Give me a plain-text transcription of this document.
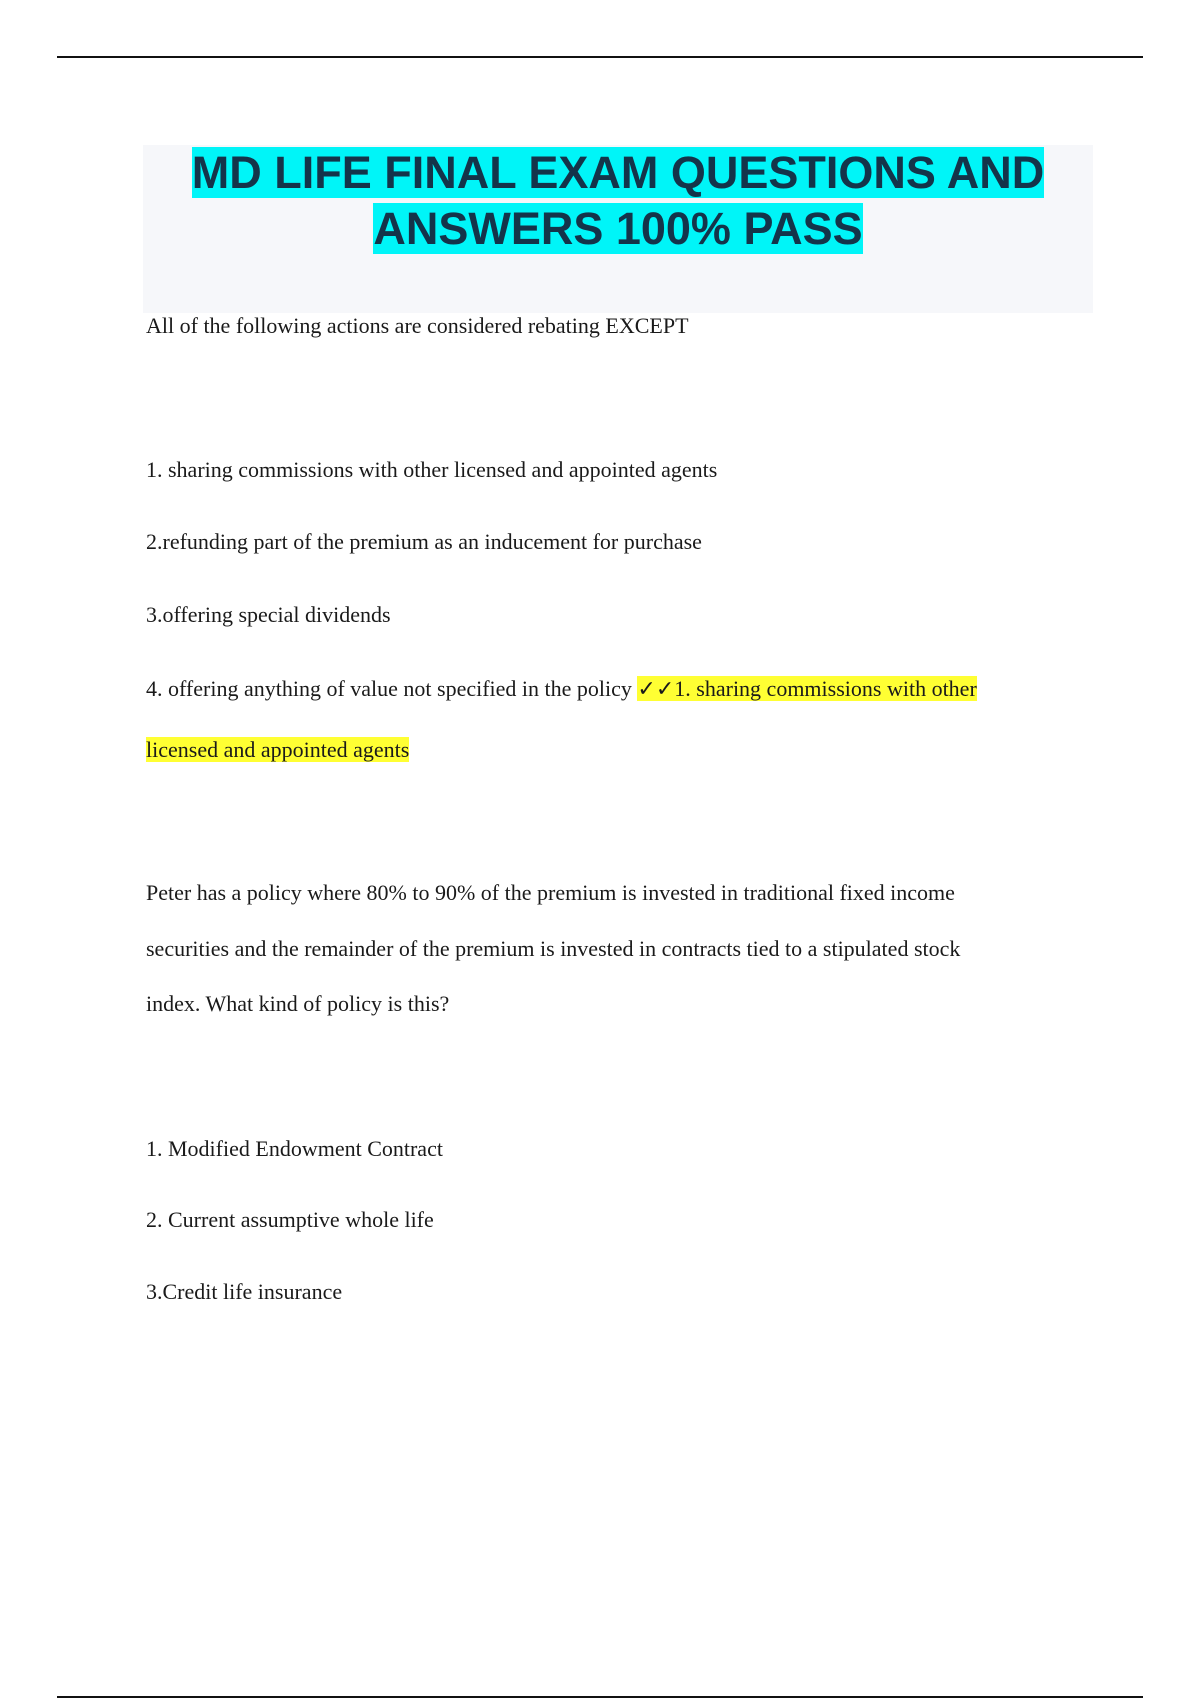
MD LIFE FINAL EXAM QUESTIONS AND
ANSWERS 100% PASS

All of the following actions are considered rebating EXCEPT

1. sharing commissions with other licensed and appointed agents

2.refunding part of the premium as an inducement for purchase

3.offering special dividends

4. offering anything of value not specified in the policy ✓✓1. sharing commissions with other

licensed and appointed agents

Peter has a policy where 80% to 90% of the premium is invested in traditional fixed income

securities and the remainder of the premium is invested in contracts tied to a stipulated stock

index. What kind of policy is this?

1. Modified Endowment Contract

2. Current assumptive whole life

3.Credit life insurance
